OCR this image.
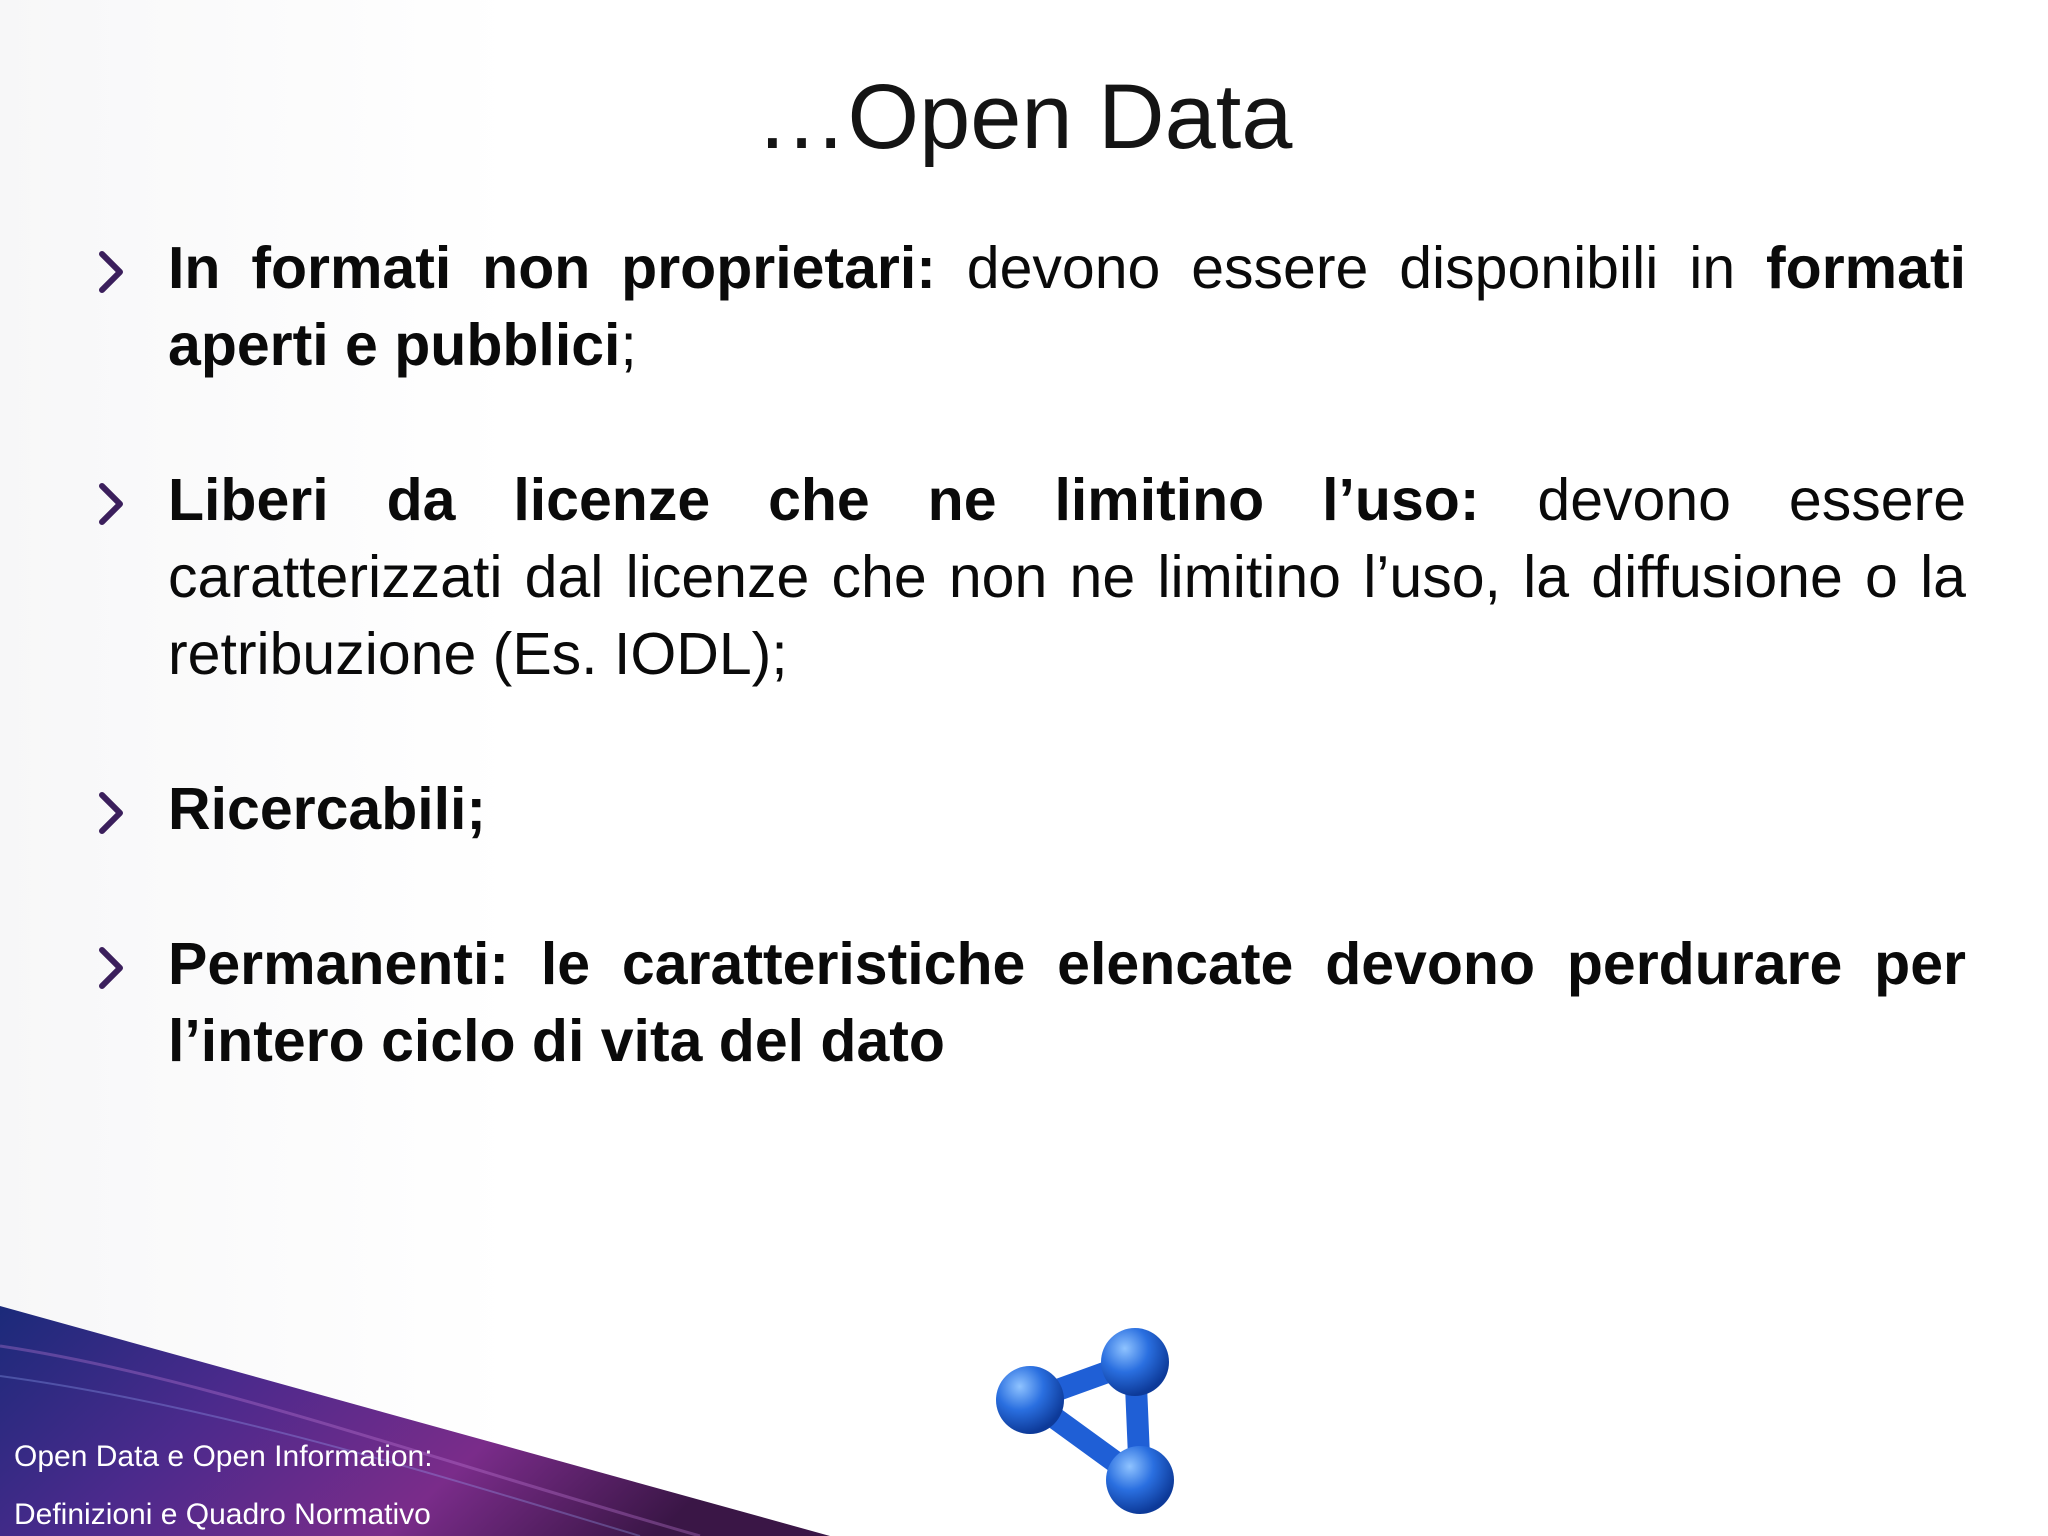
…Open Data

In formati non proprietari: devono essere disponibili in formati aperti e pubblici;

Liberi da licenze che ne limitino l’uso: devono essere caratterizzati dal licenze che non ne limitino l’uso, la diffusione o la retribuzione (Es. IODL);

Ricercabili;

Permanenti: le caratteristiche elencate devono perdurare per l’intero ciclo di vita del dato

Open Data e Open Information:
Definizioni e Quadro Normativo
